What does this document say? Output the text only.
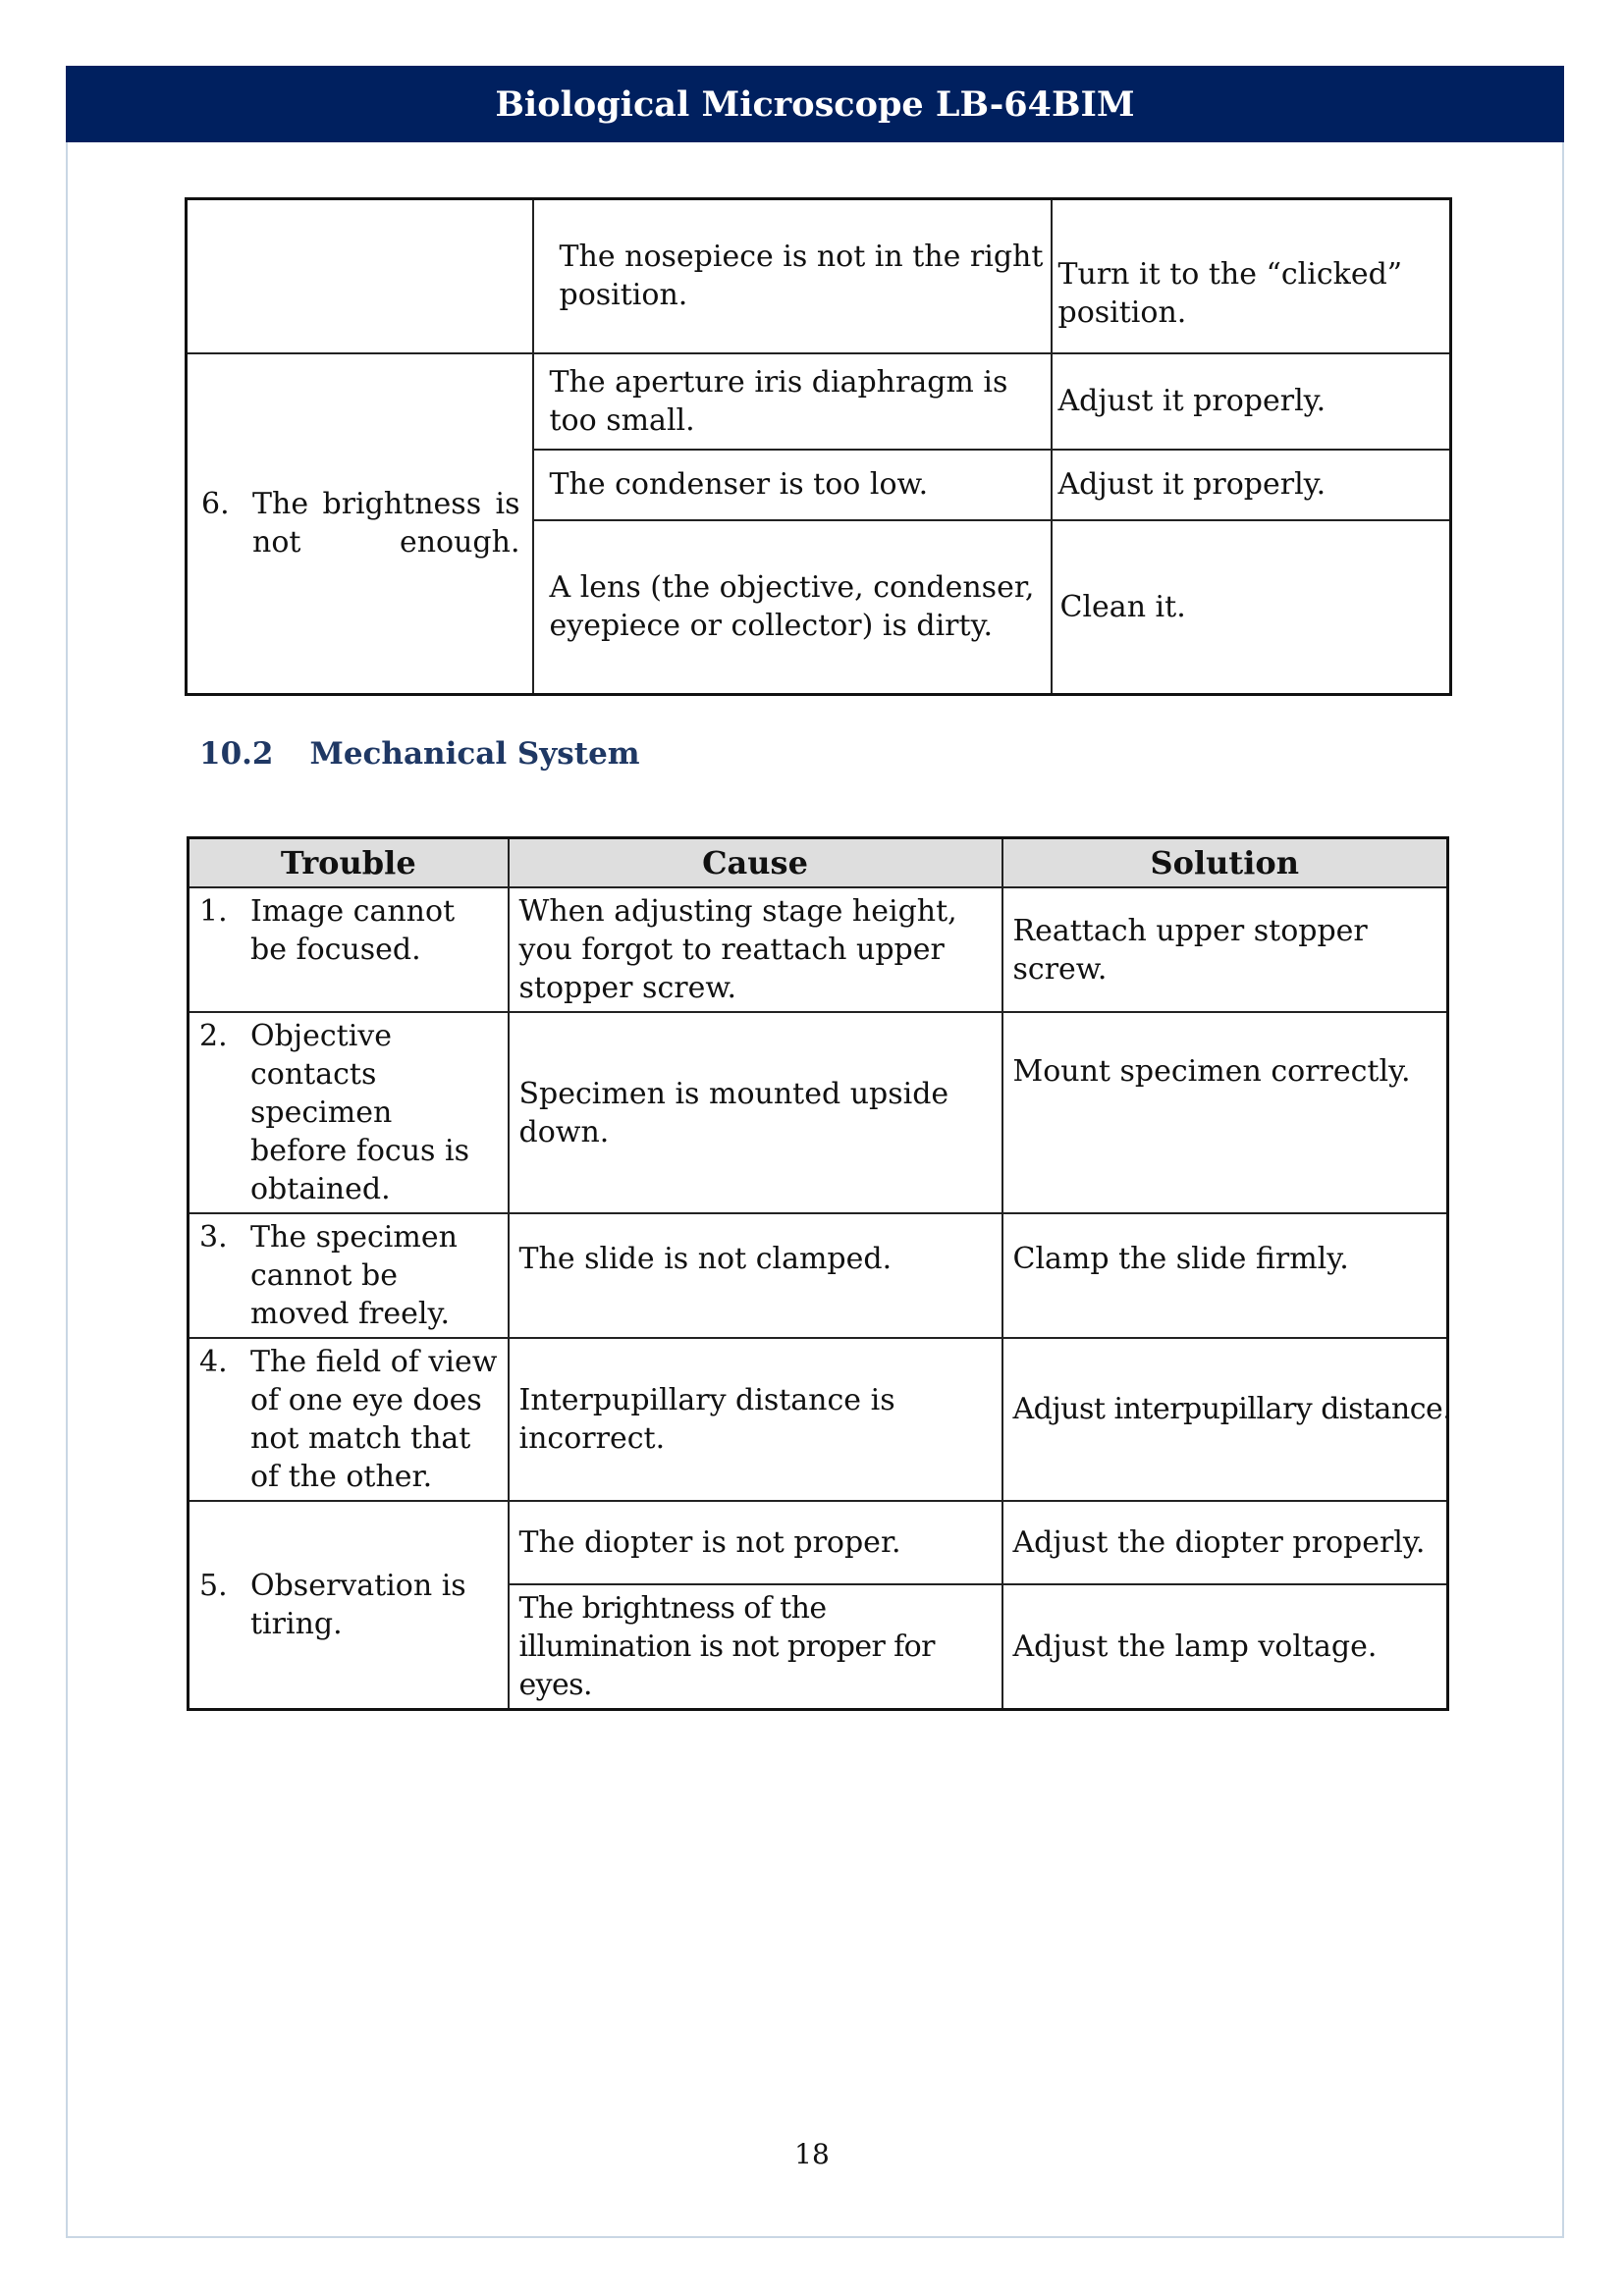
Biological Microscope LB-64BIM
	The nosepiece is not in the right position.	Turn it to the “clicked” position.

6. The brightness is not enough.	The aperture iris diaphragm is too small.	Adjust it properly.
	The condenser is too low.	Adjust it properly.
	A lens (the objective, condenser, eyepiece or collector) is dirty.	Clean it.
10.2 Mechanical System
Trouble	Cause	Solution

1. Image cannot be focused.	When adjusting stage height, you forgot to reattach upper stopper screw.	Reattach upper stopper screw.

2. Objective contacts specimen before focus is obtained.	Specimen is mounted upside down.	Mount specimen correctly.

3. The specimen cannot be moved freely.	The slide is not clamped.	Clamp the slide firmly.

4. The field of view of one eye does not match that of the other.	Interpupillary distance is incorrect.	Adjust interpupillary distance.

5. Observation is tiring.	The diopter is not proper.	Adjust the diopter properly.

	The brightness of the illumination is not proper for eyes.	Adjust the lamp voltage.
18
